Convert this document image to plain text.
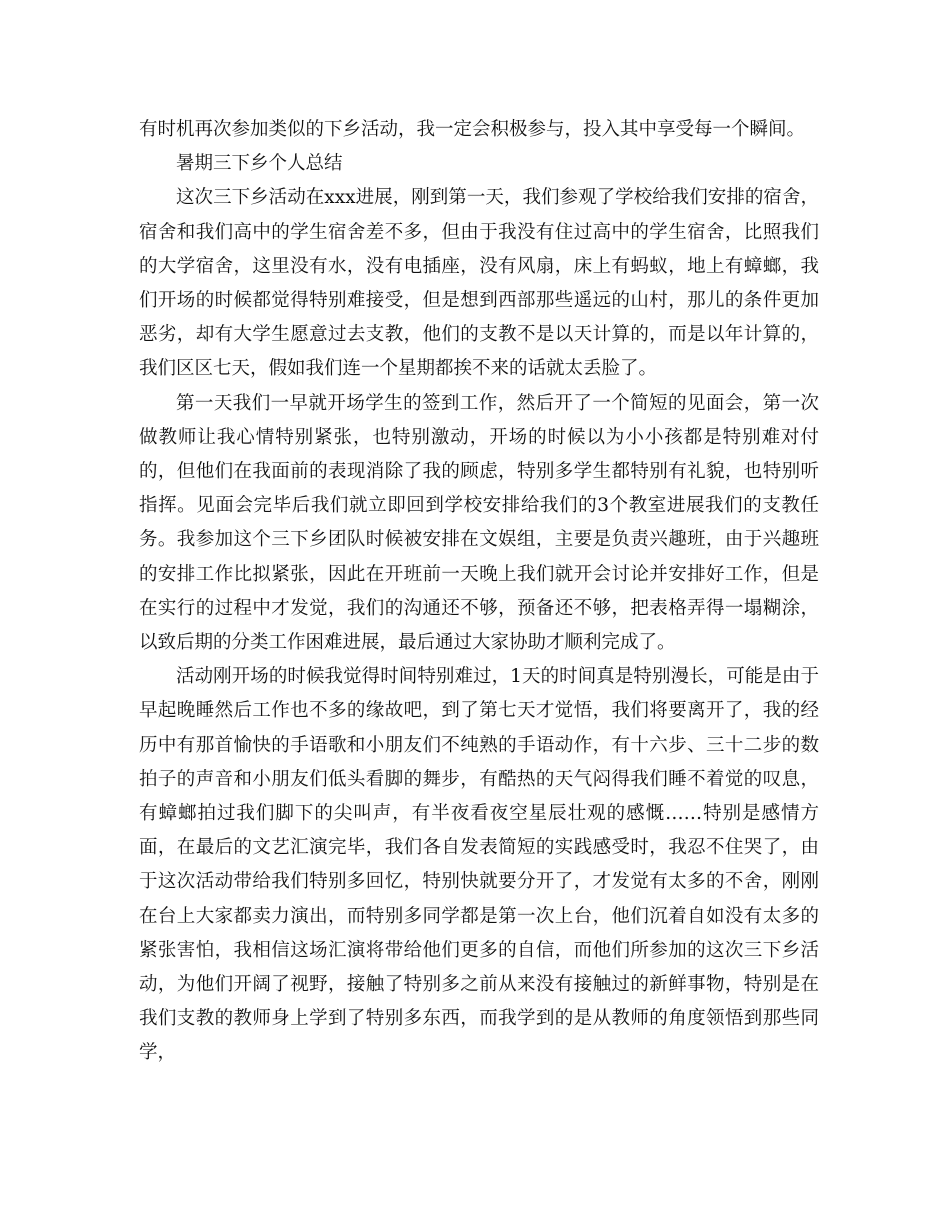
有时机再次参加类似的下乡活动，我一定会积极参与，投入其中享受每一个瞬间。

暑期三下乡个人总结

这次三下乡活动在xxx进展，刚到第一天，我们参观了学校给我们安排的宿舍，宿舍和我们高中的学生宿舍差不多，但由于我没有住过高中的学生宿舍，比照我们的大学宿舍，这里没有水，没有电插座，没有风扇，床上有蚂蚁，地上有蟑螂，我们开场的时候都觉得特别难接受，但是想到西部那些遥远的山村，那儿的条件更加恶劣，却有大学生愿意过去支教，他们的支教不是以天计算的，而是以年计算的，我们区区七天，假如我们连一个星期都挨不来的话就太丢脸了。

第一天我们一早就开场学生的签到工作，然后开了一个简短的见面会，第一次做教师让我心情特别紧张，也特别激动，开场的时候以为小小孩都是特别难对付的，但他们在我面前的表现消除了我的顾虑，特别多学生都特别有礼貌，也特别听指挥。见面会完毕后我们就立即回到学校安排给我们的3个教室进展我们的支教任务。我参加这个三下乡团队时候被安排在文娱组，主要是负责兴趣班，由于兴趣班的安排工作比拟紧张，因此在开班前一天晚上我们就开会讨论并安排好工作，但是在实行的过程中才发觉，我们的沟通还不够，预备还不够，把表格弄得一塌糊涂，以致后期的分类工作困难进展，最后通过大家协助才顺利完成了。

活动刚开场的时候我觉得时间特别难过，1天的时间真是特别漫长，可能是由于早起晚睡然后工作也不多的缘故吧，到了第七天才觉悟，我们将要离开了，我的经历中有那首愉快的手语歌和小朋友们不纯熟的手语动作，有十六步、三十二步的数拍子的声音和小朋友们低头看脚的舞步，有酷热的天气闷得我们睡不着觉的叹息，有蟑螂拍过我们脚下的尖叫声，有半夜看夜空星辰壮观的感慨……特别是感情方面，在最后的文艺汇演完毕，我们各自发表简短的实践感受时，我忍不住哭了，由于这次活动带给我们特别多回忆，特别快就要分开了，才发觉有太多的不舍，刚刚在台上大家都卖力演出，而特别多同学都是第一次上台，他们沉着自如没有太多的紧张害怕，我相信这场汇演将带给他们更多的自信，而他们所参加的这次三下乡活动，为他们开阔了视野，接触了特别多之前从来没有接触过的新鲜事物，特别是在我们支教的教师身上学到了特别多东西，而我学到的是从教师的角度领悟到那些同学，
